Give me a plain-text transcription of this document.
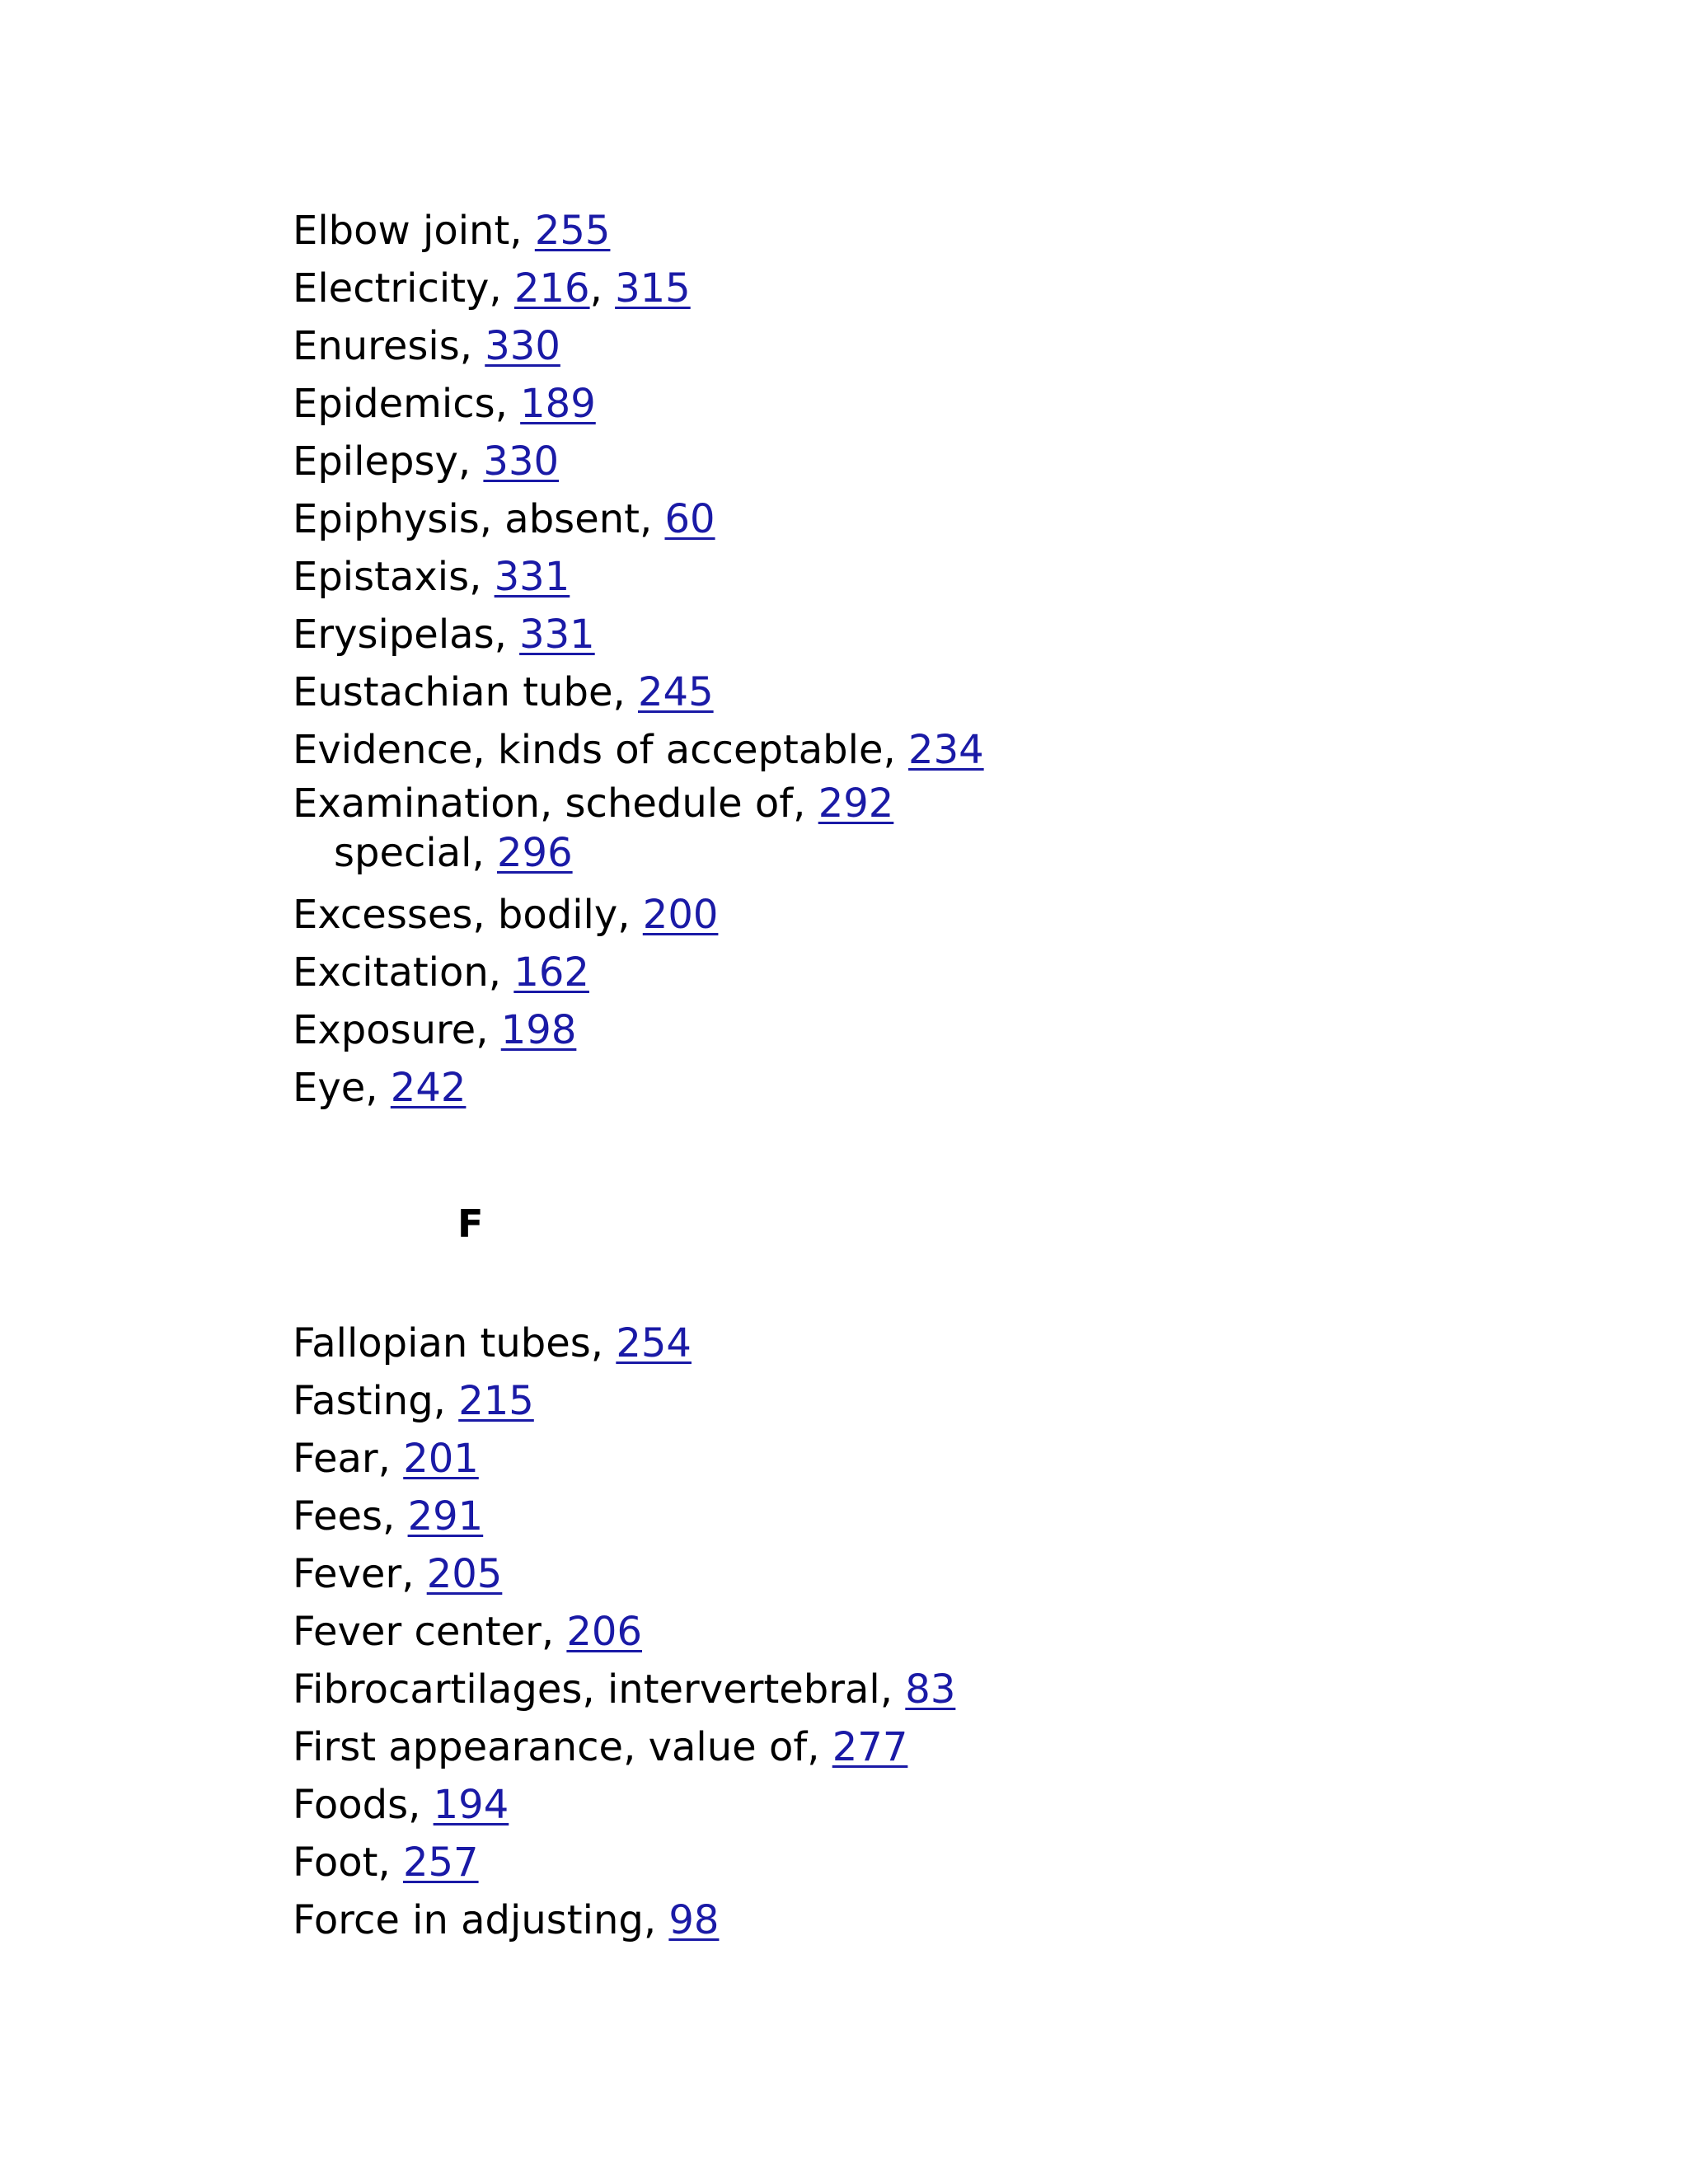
Elbow joint, 255
Electricity, 216, 315
Enuresis, 330
Epidemics, 189
Epilepsy, 330
Epiphysis, absent, 60
Epistaxis, 331
Erysipelas, 331
Eustachian tube, 245
Evidence, kinds of acceptable, 234
Examination, schedule of, 292
special, 296
Excesses, bodily, 200
Excitation, 162
Exposure, 198
Eye, 242
F
Fallopian tubes, 254
Fasting, 215
Fear, 201
Fees, 291
Fever, 205
Fever center, 206
Fibrocartilages, intervertebral, 83
First appearance, value of, 277
Foods, 194
Foot, 257
Force in adjusting, 98
